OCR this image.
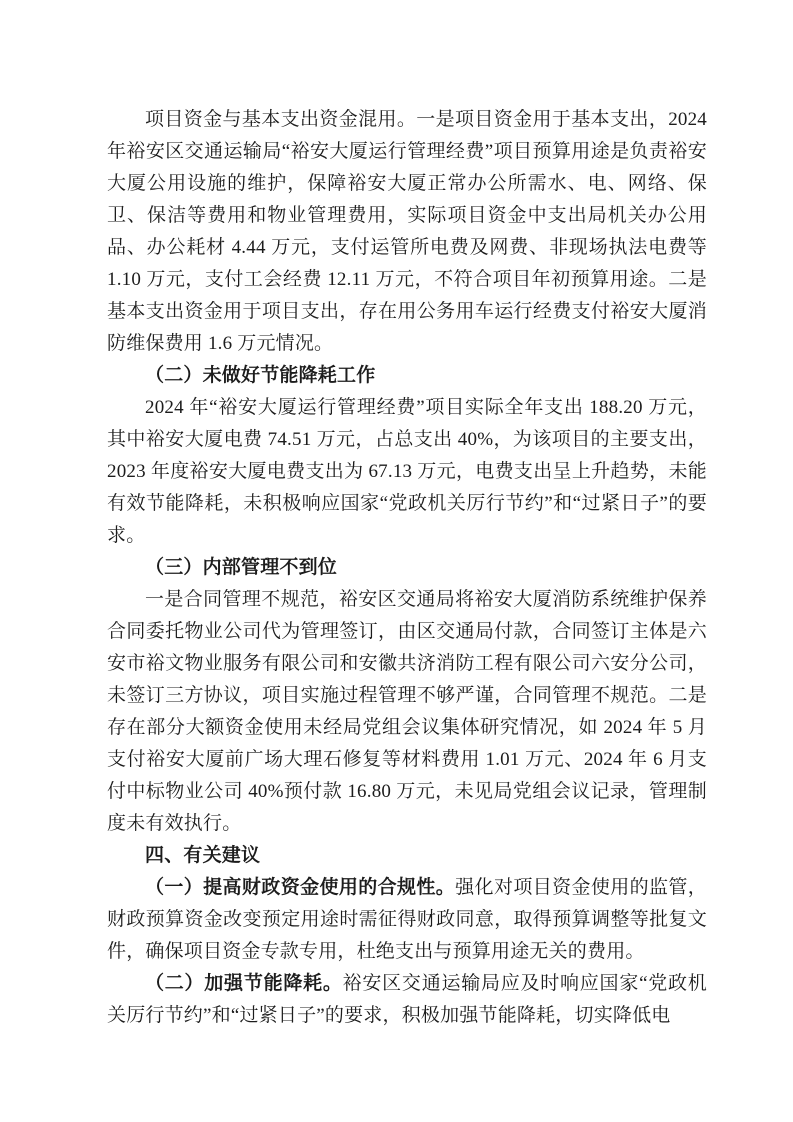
项目资金与基本支出资金混用。一是项目资金用于基本支出，2024 年裕安区交通运输局“裕安大厦运行管理经费”项目预算用途是负责裕安大厦公用设施的维护，保障裕安大厦正常办公所需水、电、网络、保卫、保洁等费用和物业管理费用，实际项目资金中支出局机关办公用品、办公耗材 4.44 万元，支付运管所电费及网费、非现场执法电费等 1.10 万元，支付工会经费 12.11 万元，不符合项目年初预算用途。二是基本支出资金用于项目支出，存在用公务用车运行经费支付裕安大厦消防维保费用 1.6 万元情况。

（二）未做好节能降耗工作

2024 年“裕安大厦运行管理经费”项目实际全年支出 188.20 万元，其中裕安大厦电费 74.51 万元，占总支出 40%，为该项目的主要支出，2023 年度裕安大厦电费支出为 67.13 万元，电费支出呈上升趋势，未能有效节能降耗，未积极响应国家“党政机关厉行节约”和“过紧日子”的要求。

（三）内部管理不到位

一是合同管理不规范，裕安区交通局将裕安大厦消防系统维护保养合同委托物业公司代为管理签订，由区交通局付款，合同签订主体是六安市裕文物业服务有限公司和安徽共济消防工程有限公司六安分公司，未签订三方协议，项目实施过程管理不够严谨，合同管理不规范。二是存在部分大额资金使用未经局党组会议集体研究情况，如 2024 年 5 月支付裕安大厦前广场大理石修复等材料费用 1.01 万元、2024 年 6 月支付中标物业公司 40%预付款 16.80 万元，未见局党组会议记录，管理制度未有效执行。

四、有关建议

（一）提高财政资金使用的合规性。强化对项目资金使用的监管，财政预算资金改变预定用途时需征得财政同意，取得预算调整等批复文件，确保项目资金专款专用，杜绝支出与预算用途无关的费用。

（二）加强节能降耗。裕安区交通运输局应及时响应国家“党政机关厉行节约”和“过紧日子”的要求，积极加强节能降耗，切实降低电
